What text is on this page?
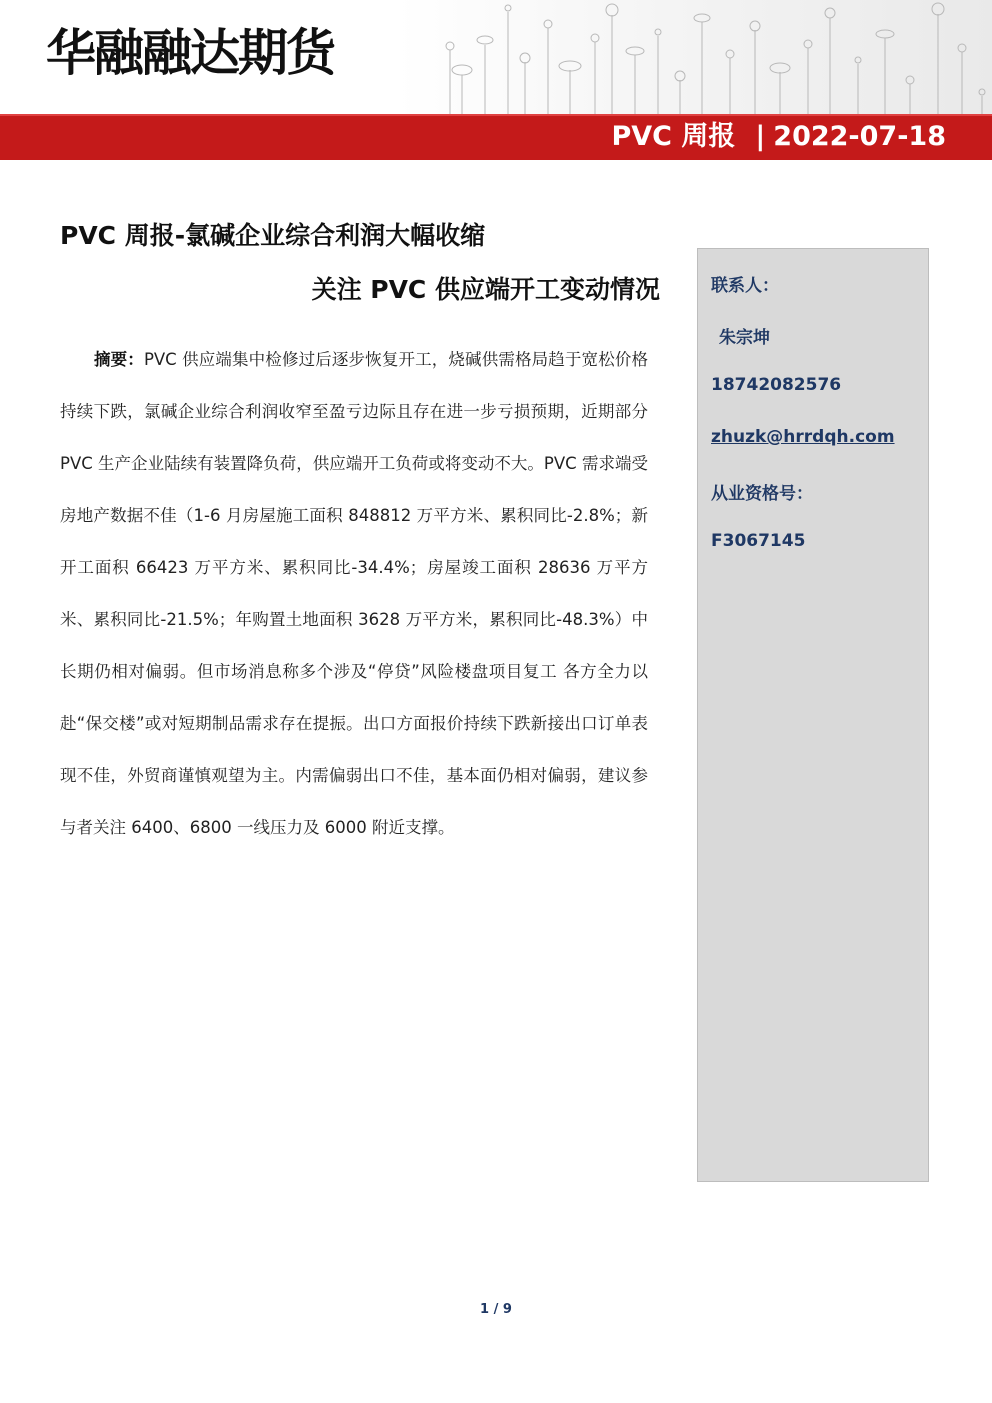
华融融达期货
PVC 周报 | 2022-07-18
PVC 周报-氯碱企业综合利润大幅收缩
关注 PVC 供应端开工变动情况
摘要：PVC 供应端集中检修过后逐步恢复开工，烧碱供需格局趋于宽松价格持续下跌，氯碱企业综合利润收窄至盈亏边际且存在进一步亏损预期，近期部分 PVC 生产企业陆续有装置降负荷，供应端开工负荷或将变动不大。PVC 需求端受房地产数据不佳（1-6 月房屋施工面积 848812 万平方米、累积同比-2.8%；新开工面积 66423 万平方米、累积同比-34.4%；房屋竣工面积 28636 万平方米、累积同比-21.5%；年购置土地面积 3628 万平方米，累积同比-48.3%）中长期仍相对偏弱。但市场消息称多个涉及“停贷”风险楼盘项目复工 各方全力以赴“保交楼”或对短期制品需求存在提振。出口方面报价持续下跌新接出口订单表现不佳，外贸商谨慎观望为主。内需偏弱出口不佳，基本面仍相对偏弱，建议参与者关注 6400、6800 一线压力及 6000 附近支撑。
联系人：
朱宗坤
18742082576
zhuzk@hrrdqh.com
从业资格号：
F3067145
1 / 9
